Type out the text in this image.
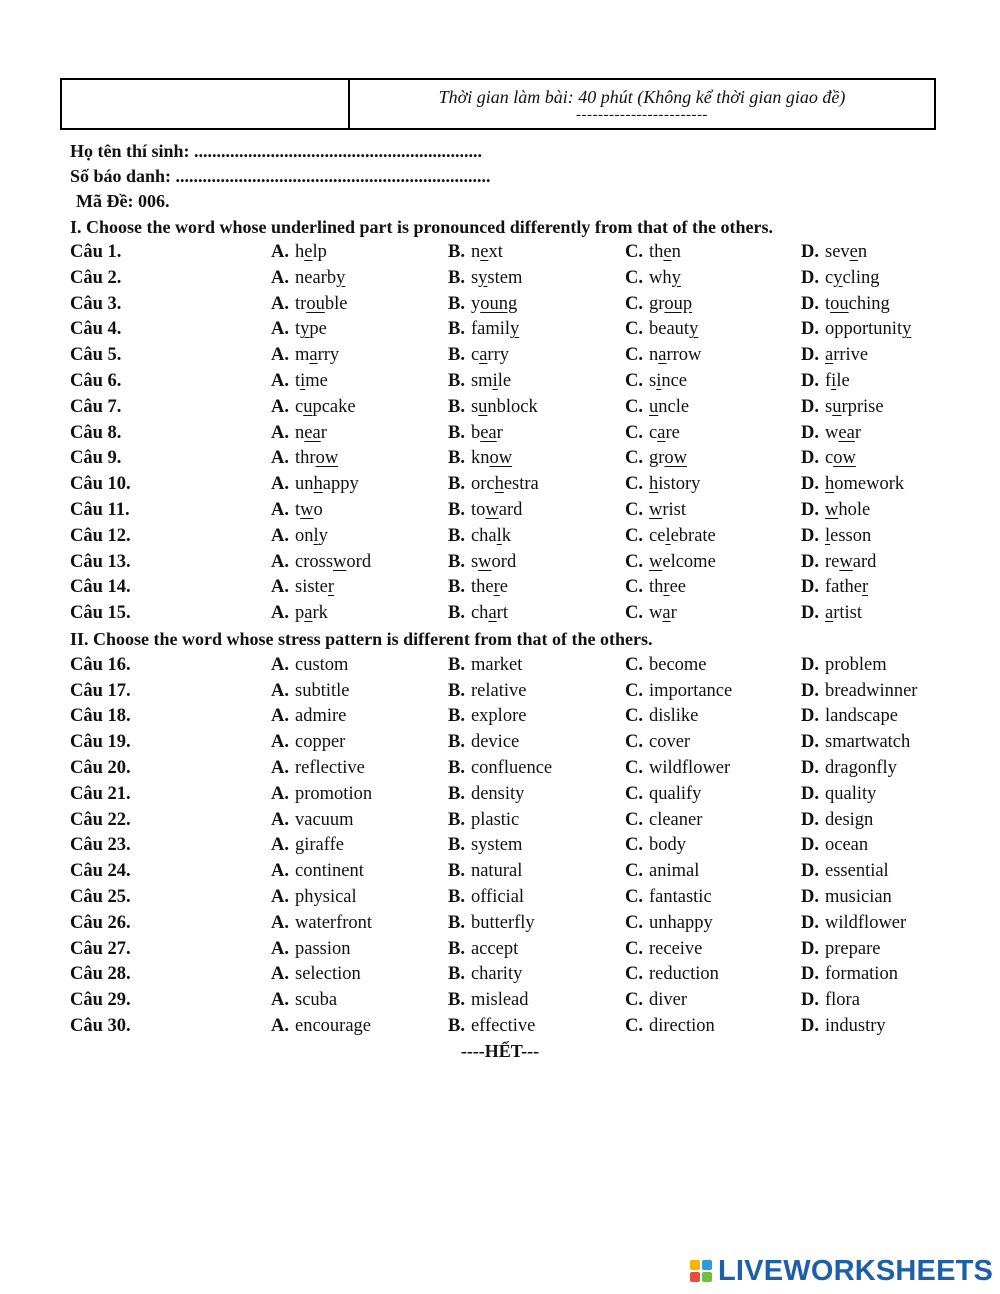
Thời gian làm bài: 40 phút (Không kể thời gian giao đề)
------------------------
Họ tên thí sinh: ................................................................
Số báo danh: ......................................................................
Mã Đề: 006.
I. Choose the word whose underlined part is pronounced differently from that of the others.
Câu 1.	A. help	B. next	C. then	D. seven
Câu 2.	A. nearby	B. system	C. why	D. cycling
Câu 3.	A. trouble	B. young	C. group	D. touching
Câu 4.	A. type	B. family	C. beauty	D. opportunity
Câu 5.	A. marry	B. carry	C. narrow	D. arrive
Câu 6.	A. time	B. smile	C. since	D. file
Câu 7.	A. cupcake	B. sunblock	C. uncle	D. surprise
Câu 8.	A. near	B. bear	C. care	D. wear
Câu 9.	A. throw	B. know	C. grow	D. cow
Câu 10.	A. unhappy	B. orchestra	C. history	D. homework
Câu 11.	A. two	B. toward	C. wrist	D. whole
Câu 12.	A. only	B. chalk	C. celebrate	D. lesson
Câu 13.	A. crossword	B. sword	C. welcome	D. reward
Câu 14.	A. sister	B. there	C. three	D. father
Câu 15.	A. park	B. chart	C. war	D. artist
II. Choose the word whose stress pattern is different from that of the others.
Câu 16.	A. custom	B. market	C. become	D. problem
Câu 17.	A. subtitle	B. relative	C. importance	D. breadwinner
Câu 18.	A. admire	B. explore	C. dislike	D. landscape
Câu 19.	A. copper	B. device	C. cover	D. smartwatch
Câu 20.	A. reflective	B. confluence	C. wildflower	D. dragonfly
Câu 21.	A. promotion	B. density	C. qualify	D. quality
Câu 22.	A. vacuum	B. plastic	C. cleaner	D. design
Câu 23.	A. giraffe	B. system	C. body	D. ocean
Câu 24.	A. continent	B. natural	C. animal	D. essential
Câu 25.	A. physical	B. official	C. fantastic	D. musician
Câu 26.	A. waterfront	B. butterfly	C. unhappy	D. wildflower
Câu 27.	A. passion	B. accept	C. receive	D. prepare
Câu 28.	A. selection	B. charity	C. reduction	D. formation
Câu 29.	A. scuba	B. mislead	C. diver	D. flora
Câu 30.	A. encourage	B. effective	C. direction	D. industry
----HẾT---
LIVEWORKSHEETS
